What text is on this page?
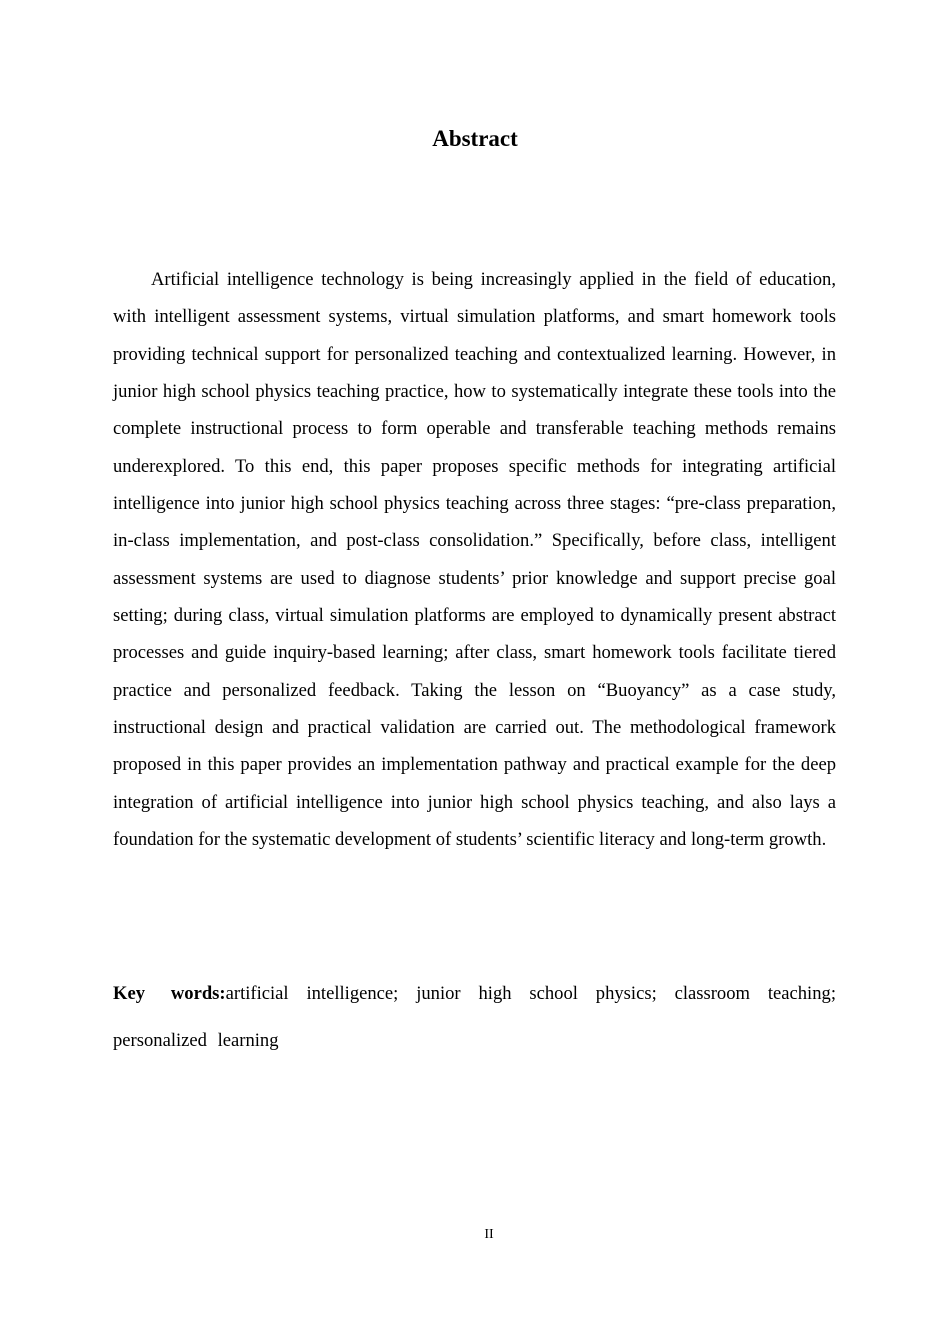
Abstract

Artificial intelligence technology is being increasingly applied in the field of education, with intelligent assessment systems, virtual simulation platforms, and smart homework tools providing technical support for personalized teaching and contextualized learning. However, in junior high school physics teaching practice, how to systematically integrate these tools into the complete instructional process to form operable and transferable teaching methods remains underexplored. To this end, this paper proposes specific methods for integrating artificial intelligence into junior high school physics teaching across three stages: “pre-class preparation, in-class implementation, and post-class consolidation.” Specifically, before class, intelligent assessment systems are used to diagnose students’ prior knowledge and support precise goal setting; during class, virtual simulation platforms are employed to dynamically present abstract processes and guide inquiry-based learning; after class, smart homework tools facilitate tiered practice and personalized feedback. Taking the lesson on “Buoyancy” as a case study, instructional design and practical validation are carried out. The methodological framework proposed in this paper provides an implementation pathway and practical example for the deep integration of artificial intelligence into junior high school physics teaching, and also lays a foundation for the systematic development of students’ scientific literacy and long-term growth.

Key words:artificial intelligence; junior high school physics; classroom teaching; personalized learning

II
